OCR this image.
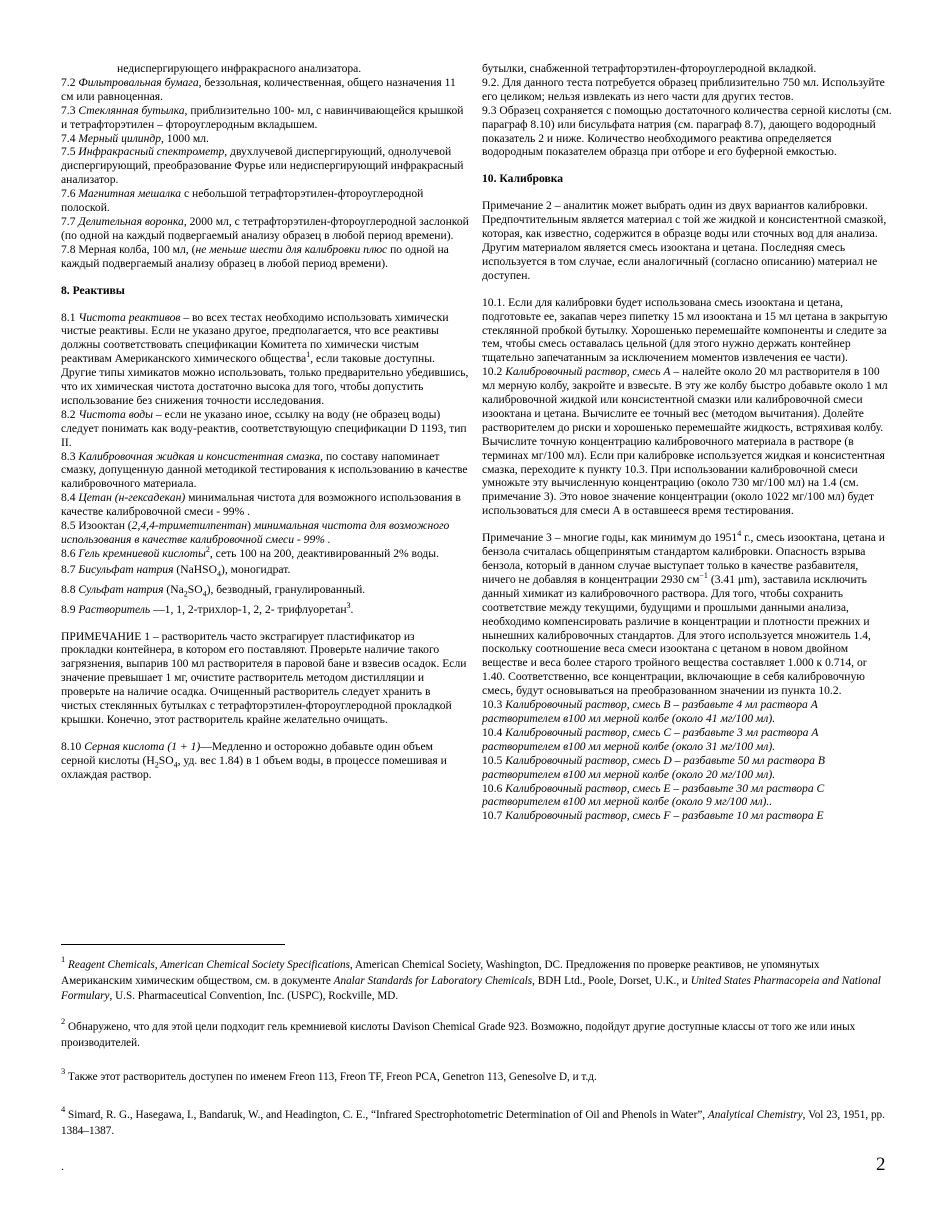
недиспергирующего инфракрасного анализатора.

7.2 Фильтровальная бумага, беззольная, количественная, общего назначения 11 см или равноценная.

7.3 Стеклянная бутылка, приблизительно 100- мл, с навинчивающейся крышкой и тетрафторэтилен – фтороуглеродным вкладышем.

7.4 Мерный цилиндр, 1000 мл.

7.5 Инфракрасный спектрометр, двухлучевой диспергирующий, однолучевой диспергирующий, преобразование Фурье или недиспергирующий инфракрасный анализатор.

7.6 Магнитная мешалка с небольшой тетрафторэтилен-фтороуглеродной полоской.

7.7 Делительная воронка, 2000 мл, с тетрафторэтилен-фтороуглеродной заслонкой (по одной на каждый подвергаемый анализу образец в любой период времени).

7.8 Мерная колба, 100 мл, (не меньше шести для калибровки плюс по одной на каждый подвергаемый анализу образец в любой период времени).

8. Реактивы

8.1 Чистота реактивов – во всех тестах необходимо использовать химически чистые реактивы. Если не указано другое, предполагается, что все реактивы должны соответствовать спецификации Комитета по химически чистым реактивам Американского химического общества$^1$, если таковые доступны. Другие типы химикатов можно использовать, только предварительно убедившись, что их химическая чистота достаточно высока для того, чтобы допустить использование без снижения точности исследования.

8.2 Чистота воды – если не указано иное, ссылку на воду (не образец воды) следует понимать как воду-реактив, соответствующую спецификации D 1193, тип II.

8.3 Калибровочная жидкая и консистентная смазка, по составу напоминает смазку, допущенную данной методикой тестирования к использованию в качестве калибровочного материала.

8.4 Цетан (н-гексадекан) минимальная чистота для возможного использования в качестве калибровочной смеси - 99% .

8.5 Изооктан (2,4,4-триметилпентан) минимальная чистота для возможного использования в качестве калибровочной смеси - 99% .

8.6 Гель кремниевой кислоты$^2$, сеть 100 на 200, деактивированный 2% воды.

8.7 Бисульфат натрия (NaHSO$_4$), моногидрат.

8.8 Сульфат натрия $(Na_2SO_4)$, безводный, гранулированный.

8.9 Растворитель —1, 1, 2-трихлор-1, 2, 2- трифлуоретан$^3$.

ПРИМЕЧАНИЕ 1 – растворитель часто экстрагирует пластификатор из прокладки контейнера, в котором его поставляют. Проверьте наличие такого загрязнения, выпарив 100 мл растворителя в паровой бане и взвесив осадок. Если значение превышает 1 мг, очистите растворитель методом дистилляции и проверьте на наличие осадка. Очищенный растворитель следует хранить в чистых стеклянных бутылках с тетрафторэтилен-фтороуглеродной прокладкой крышки. Конечно, этот растворитель крайне желательно очищать.

8.10 Серная кислота (1 + 1)—Медленно и осторожно добавьте один объем серной кислоты ($H_2SO_4$, уд. вес 1.84) в 1 объем воды, в процессе помешивая и охлаждая раствор.

бутылки, снабженной тетрафторэтилен-фтороуглеродной вкладкой.

9.2. Для данного теста потребуется образец приблизительно 750 мл. Используйте его целиком; нельзя извлекать из него части для других тестов.

9.3 Образец сохраняется с помощью достаточного количества серной кислоты (см. параграф 8.10) или бисульфата натрия (см. параграф 8.7), дающего водородный показатель 2 и ниже. Количество необходимого реактива определяется водородным показателем образца при отборе и его буферной емкостью.

10. Калибровка

Примечание 2 – аналитик может выбрать один из двух вариантов калибровки. Предпочтительным является материал с той же жидкой и консистентной смазкой, которая, как известно, содержится в образце воды или сточных вод для анализа. Другим материалом является смесь изооктана и цетана. Последняя смесь используется в том случае, если аналогичный (согласно описанию) материал не доступен.

10.1. Если для калибровки будет использована смесь изооктана и цетана, подготовьте ее, закапав через пипетку 15 мл изооктана и 15 мл цетана в закрытую стеклянной пробкой бутылку. Хорошенько перемешайте компоненты и следите за тем, чтобы смесь оставалась цельной (для этого нужно держать контейнер тщательно запечатанным за исключением моментов извлечения ее части).

10.2 Калибровочный раствор, смесь А – налейте около 20 мл растворителя в 100 мл мерную колбу, закройте и взвесьте. В эту же колбу быстро добавьте около 1 мл калибровочной жидкой или консистентной смазки или калибровочной смеси изооктана и цетана. Вычислите ее точный вес (методом вычитания). Долейте растворителем до риски и хорошенько перемешайте жидкость, встряхивая колбу. Вычислите точную концентрацию калибровочного материала в растворе (в терминах мг/100 мл). Если при калибровке используется жидкая и консистентная смазка, переходите к пункту 10.3. При использовании калибровочной смеси умножьте эту вычисленную концентрацию (около 730 мг/100 мл) на 1.4 (см. примечание 3). Это новое значение концентрации (около 1022 мг/100 мл) будет использоваться для смеси А в оставшееся время тестирования.

Примечание 3 – многие годы, как минимум до 1951$^4$ г., смесь изооктана, цетана и бензола считалась общепринятым стандартом калибровки. Опасность взрыва бензола, который в данном случае выступает только в качестве разбавителя, ничего не добавляя в концентрации 2930 $см^{-1}$ (3.41 μm), заставила исключить данный химикат из калибровочного раствора. Для того, чтобы сохранить соответствие между текущими, будущими и прошлыми данными анализа, необходимо компенсировать различие в концентрации и плотности прежних и нынешних калибровочных стандартов. Для этого используется множитель 1.4, поскольку соотношение веса смеси изооктана с цетаном в новом двойном веществе и веса более старого тройного вещества составляет 1.000 к 0.714, or 1.40. Соответственно, все концентрации, включающие в себя калибровочную смесь, будут основываться на преобразованном значении из пункта 10.2.

10.3 Калибровочный раствор, смесь B – разбавьте 4 мл раствора А растворителем в100 мл мерной колбе (около 41 мг/100 мл).

10.4 Калибровочный раствор, смесь C – разбавьте 3 мл раствора А растворителем в100 мл мерной колбе (около 31 мг/100 мл).

10.5 Калибровочный раствор, смесь D – разбавьте 50 мл раствора B растворителем в100 мл мерной колбе (около 20 мг/100 мл).

10.6 Калибровочный раствор, смесь E – разбавьте 30 мл раствора С растворителем в100 мл мерной колбе (около 9 мг/100 мл)..

10.7 Калибровочный раствор, смесь F – разбавьте 10 мл раствора E

$^1$ Reagent Chemicals, American Chemical Society Specifications, American Chemical Society, Washington, DC. Предложения по проверке реактивов, не упомянутых Американским химическим обществом, см. в документе Analar Standards for Laboratory Chemicals, BDH Ltd., Poole, Dorset, U.K., и United States Pharmacopeia and National Formulary, U.S. Pharmaceutical Convention, Inc. (USPC), Rockville, MD.
$^2$ Обнаружено, что для этой цели подходит гель кремниевой кислоты Davison Chemical Grade 923. Возможно, подойдут другие доступные классы от того же или иных производителей.
$^3$ Также этот растворитель доступен по именем Freon 113, Freon TF, Freon PCA, Genetron 113, Genesolve D, и т.д.
$^4$ Simard, R. G., Hasegawa, I., Bandaruk, W., and Headington, C. E., “Infrared Spectrophotometric Determination of Oil and Phenols in Water”, Analytical Chemistry, Vol 23, 1951, pp. 1384–1387.
.	2
